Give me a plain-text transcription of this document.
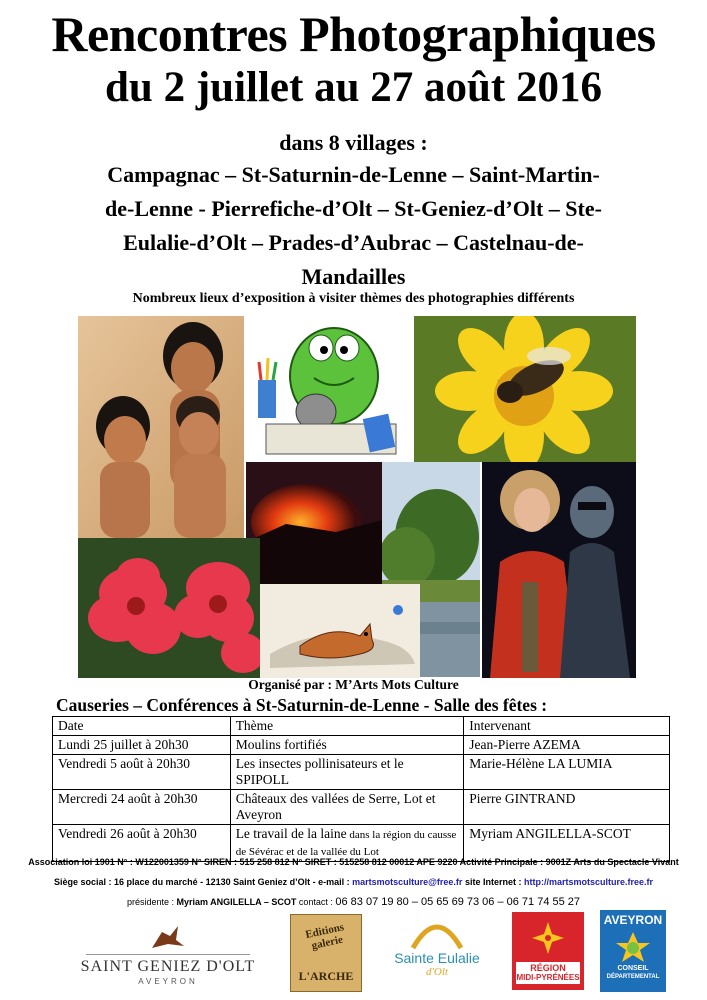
Rencontres Photographiques
du 2 juillet au 27 août 2016
dans 8 villages :
Campagnac – St-Saturnin-de-Lenne – Saint-Martin-de-Lenne - Pierrefiche-d’Olt – St-Geniez-d’Olt – Ste-Eulalie-d’Olt – Prades-d’Aubrac – Castelnau-de-Mandailles
Nombreux lieux d’exposition à visiter thèmes des photographies différents
Organisé par : M’Arts Mots Culture
Causeries – Conférences à St-Saturnin-de-Lenne - Salle des fêtes :
Date	Thème	Intervenant
Lundi 25 juillet à 20h30	Moulins fortifiés	Jean-Pierre AZEMA
Vendredi 5 août à 20h30	Les insectes pollinisateurs et le SPIPOLL	Marie-Hélène LA LUMIA
Mercredi 24 août à 20h30	Châteaux des vallées de Serre, Lot et Aveyron	Pierre GINTRAND
Vendredi 26 août à 20h30	Le travail de la laine dans la région du causse de Sévérac et de la vallée du Lot	Myriam ANGILELLA-SCOT
Association loi 1901 N° : W122001359 N° SIREN : 515 258 812 N° SIRET : 515258 812 00012 APE 9220 Activité Principale : 9001Z Arts du Spectacle Vivant
Siège social : 16 place du marché - 12130 Saint Geniez d’Olt - e-mail : martsmotsculture@free.fr site Internet : http://martsmotsculture.free.fr
présidente : Myriam ANGILELLA – SCOT contact : 06 83 07 19 80 – 05 65 69 73 06 – 06 71 74 55 27
SAINT GENIEZ D'OLT
AVEYRON
Editions galerie
L'ARCHE
Sainte Eulalie
d'Olt	RÉGION
MIDI-PYRÉNÉES
AVEYRON
CONSEIL
DÉPARTEMENTAL
